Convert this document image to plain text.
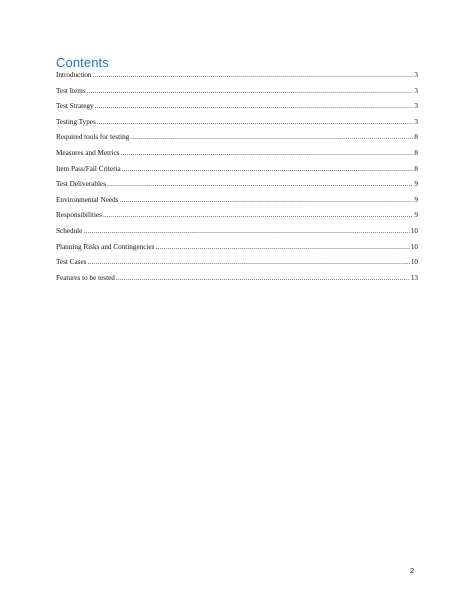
Contents
Introduction .....	3
Test Items .....	3
Test Strategy .....	3
Testing Types .....	3
Required tools for testing .....	8
Measures and Metrics .....	8
Item Pass/Fail Criteria .....	8
Test Deliverables .....	9
Environmental Needs .....	9
Responsibilities .....	9
Schedule .....	10
Planning Risks and Contingencies .....	10
Test Cases .....	10
Features to be tested .....	13
2
